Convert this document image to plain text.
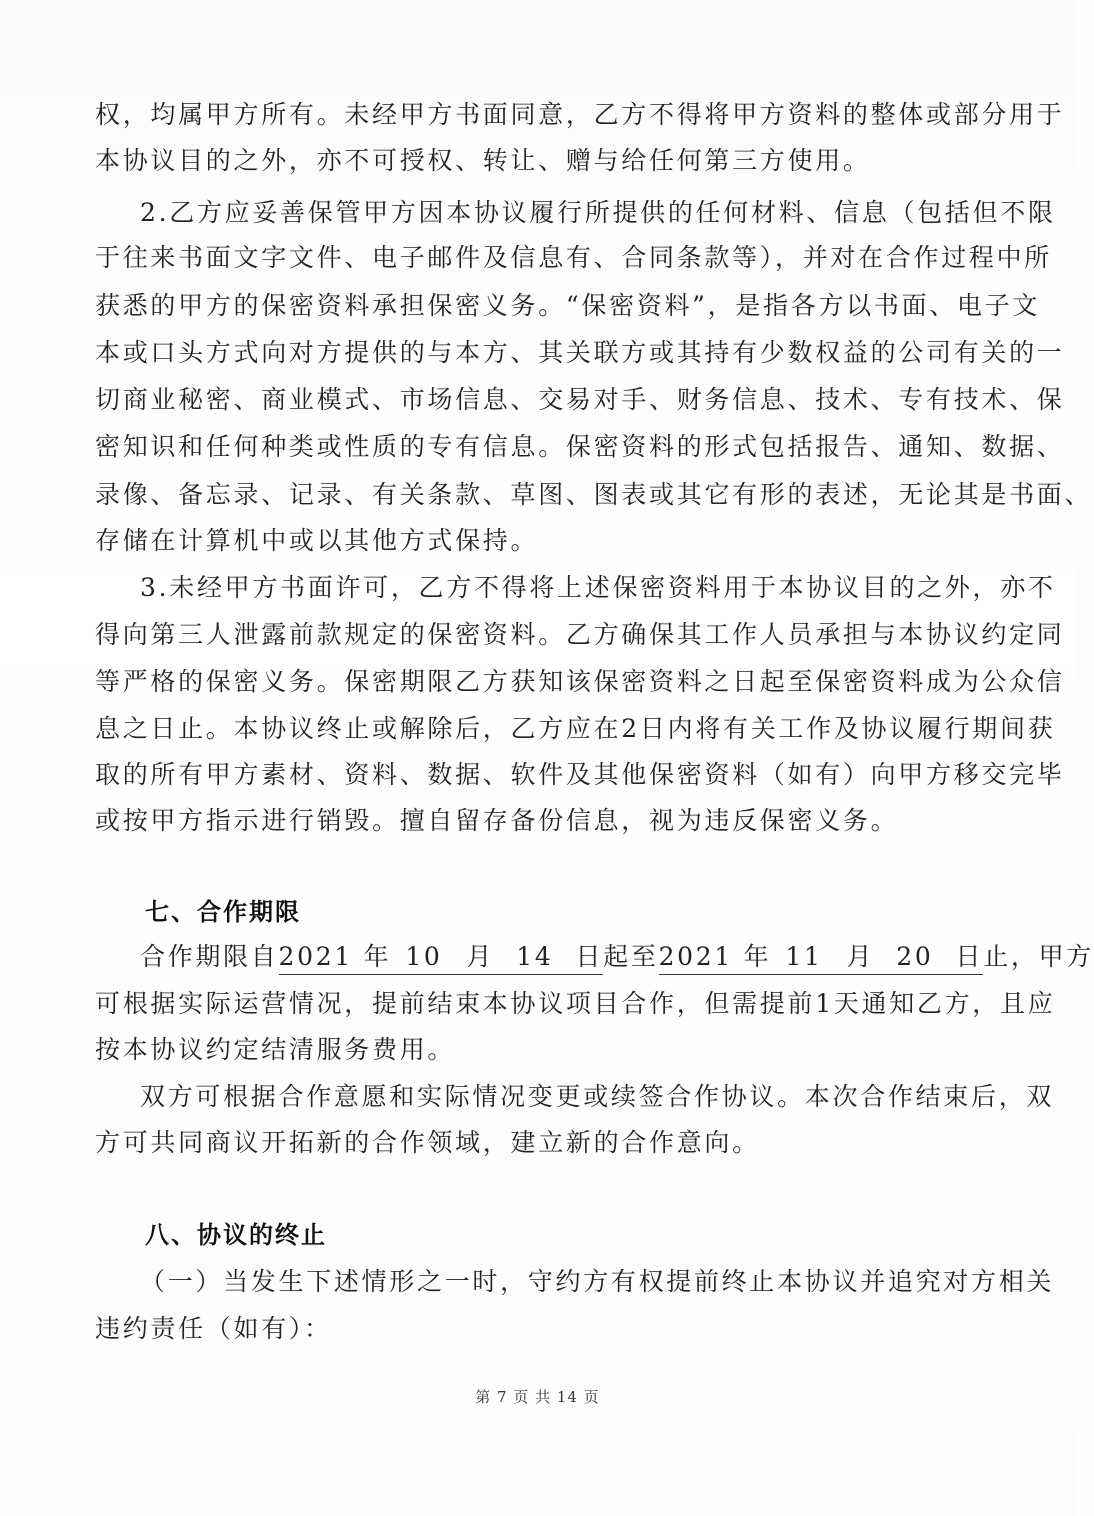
权，均属甲方所有。未经甲方书面同意，乙方不得将甲方资料的整体或部分用于
本协议目的之外，亦不可授权、转让、赠与给任何第三方使用。
2.乙方应妥善保管甲方因本协议履行所提供的任何材料、信息（包括但不限
于往来书面文字文件、电子邮件及信息有、合同条款等），并对在合作过程中所
获悉的甲方的保密资料承担保密义务。“保密资料”，是指各方以书面、电子文
本或口头方式向对方提供的与本方、其关联方或其持有少数权益的公司有关的一
切商业秘密、商业模式、市场信息、交易对手、财务信息、技术、专有技术、保
密知识和任何种类或性质的专有信息。保密资料的形式包括报告、通知、数据、
录像、备忘录、记录、有关条款、草图、图表或其它有形的表述，无论其是书面、
存储在计算机中或以其他方式保持。
3.未经甲方书面许可，乙方不得将上述保密资料用于本协议目的之外，亦不
得向第三人泄露前款规定的保密资料。乙方确保其工作人员承担与本协议约定同
等严格的保密义务。保密期限乙方获知该保密资料之日起至保密资料成为公众信
息之日止。本协议终止或解除后，乙方应在2日内将有关工作及协议履行期间获
取的所有甲方素材、资料、数据、软件及其他保密资料（如有）向甲方移交完毕
或按甲方指示进行销毁。擅自留存备份信息，视为违反保密义务。
七、合作期限
合作期限自2021 年 10 月 14 日起至2021 年 11 月 20 日止，甲方
可根据实际运营情况，提前结束本协议项目合作，但需提前1天通知乙方，且应
按本协议约定结清服务费用。
双方可根据合作意愿和实际情况变更或续签合作协议。本次合作结束后，双
方可共同商议开拓新的合作领域，建立新的合作意向。
八、协议的终止
（一）当发生下述情形之一时，守约方有权提前终止本协议并追究对方相关
违约责任（如有）：
第 7 页 共 14 页
